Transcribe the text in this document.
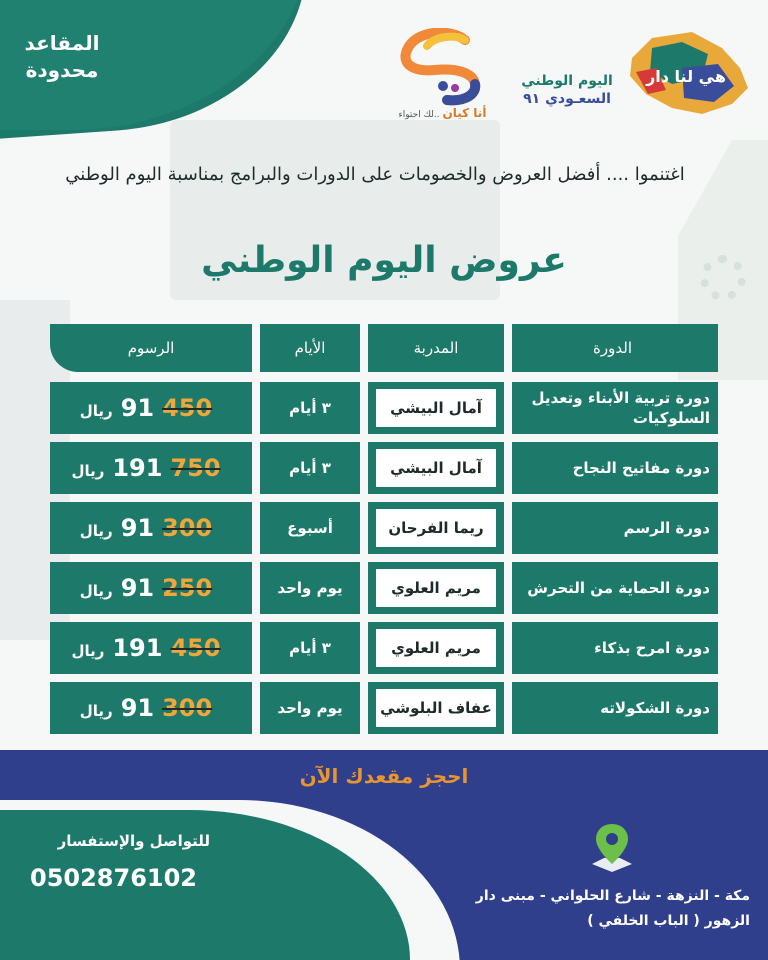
المقاعد
محدودة
أنا كيان ..لك احتواء
اليوم الوطني
السعـودي ٩١
هي لنا دار
اغتنموا .... أفضل العروض والخصومات على الدورات والبرامج بمناسبة اليوم الوطني
عروض اليوم الوطني
الدورة
المدربة
الأيام
الرسوم
دورة تربية الأبناء وتعديل السلوكيات
آمال البيشي
٣ أيام
450
91
ريال
دورة مفاتيح النجاح
آمال البيشي
٣ أيام
750
191
ريال
دورة الرسم
ريما الفرحان
أسبوع
300
91
ريال
دورة الحماية من التحرش
مريم العلوي
يوم واحد
250
91
ريال
دورة امرح بذكاء
مريم العلوي
٣ أيام
450
191
ريال
دورة الشكولاته
عفاف البلوشي
يوم واحد
300
91
ريال
احجز مقعدك الآن
للتواصل والإستفسار
0502876102
مكة - النزهة - شارع الحلواني - مبنى دار
الزهور ( الباب الخلفي )
